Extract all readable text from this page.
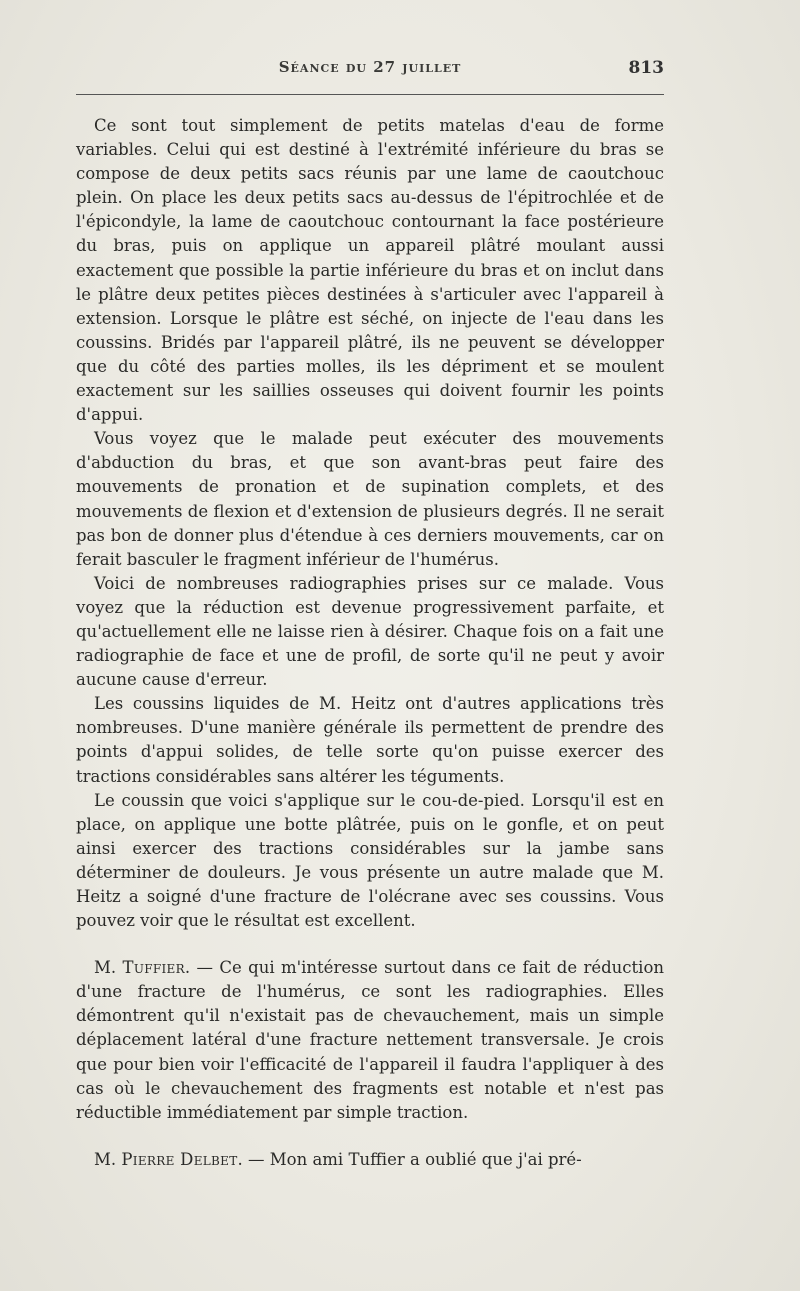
Séance du 27 juillet	813

Ce sont tout simplement de petits matelas d'eau de forme variables. Celui qui est destiné à l'extrémité inférieure du bras se compose de deux petits sacs réunis par une lame de caoutchouc plein. On place les deux petits sacs au-dessus de l'épitrochlée et de l'épicondyle, la lame de caoutchouc contournant la face postérieure du bras, puis on applique un appareil plâtré moulant aussi exactement que possible la partie inférieure du bras et on inclut dans le plâtre deux petites pièces destinées à s'articuler avec l'appareil à extension. Lorsque le plâtre est séché, on injecte de l'eau dans les coussins. Bridés par l'appareil plâtré, ils ne peuvent se développer que du côté des parties molles, ils les dépriment et se moulent exactement sur les saillies osseuses qui doivent fournir les points d'appui.

Vous voyez que le malade peut exécuter des mouvements d'abduction du bras, et que son avant-bras peut faire des mouvements de pronation et de supination complets, et des mouvements de flexion et d'extension de plusieurs degrés. Il ne serait pas bon de donner plus d'étendue à ces derniers mouvements, car on ferait basculer le fragment inférieur de l'humérus.

Voici de nombreuses radiographies prises sur ce malade. Vous voyez que la réduction est devenue progressivement parfaite, et qu'actuellement elle ne laisse rien à désirer. Chaque fois on a fait une radiographie de face et une de profil, de sorte qu'il ne peut y avoir aucune cause d'erreur.

Les coussins liquides de M. Heitz ont d'autres applications très nombreuses. D'une manière générale ils permettent de prendre des points d'appui solides, de telle sorte qu'on puisse exercer des tractions considérables sans altérer les téguments.

Le coussin que voici s'applique sur le cou-de-pied. Lorsqu'il est en place, on applique une botte plâtrée, puis on le gonfle, et on peut ainsi exercer des tractions considérables sur la jambe sans déterminer de douleurs. Je vous présente un autre malade que M. Heitz a soigné d'une fracture de l'olécrane avec ses coussins. Vous pouvez voir que le résultat est excellent.

M. Tuffier. — Ce qui m'intéresse surtout dans ce fait de réduction d'une fracture de l'humérus, ce sont les radiographies. Elles démontrent qu'il n'existait pas de chevauchement, mais un simple déplacement latéral d'une fracture nettement transversale. Je crois que pour bien voir l'efficacité de l'appareil il faudra l'appliquer à des cas où le chevauchement des fragments est notable et n'est pas réductible immédiatement par simple traction.

M. Pierre Delbet. — Mon ami Tuffier a oublié que j'ai pré-
